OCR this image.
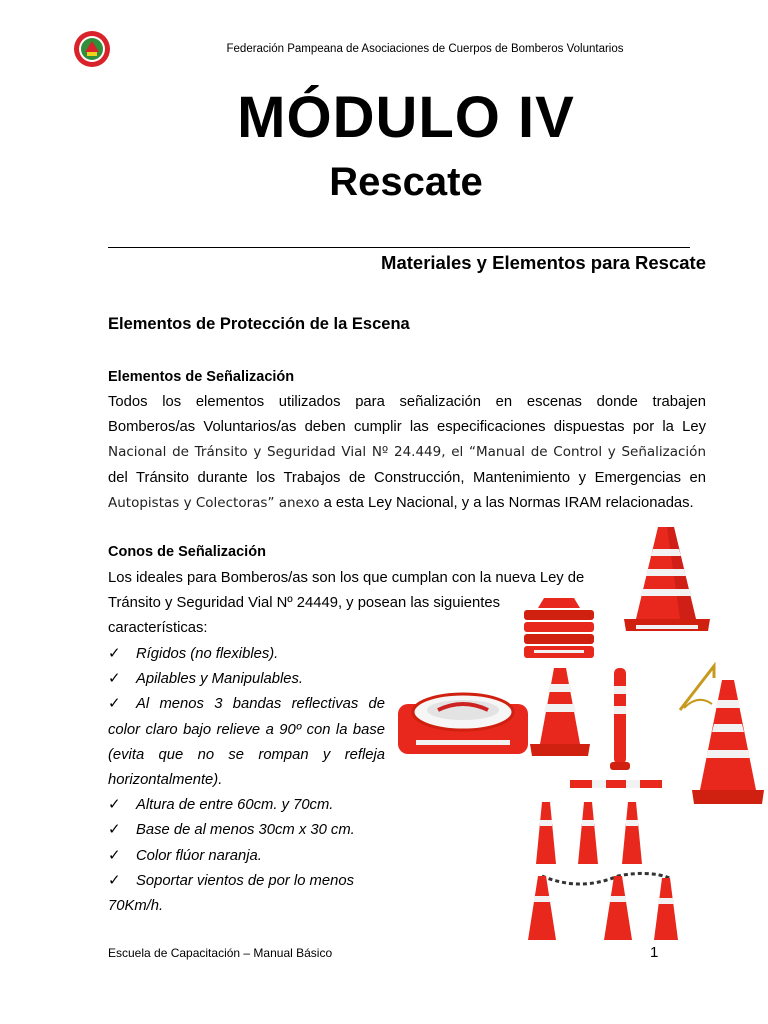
Federación Pampeana de Asociaciones de Cuerpos de Bomberos Voluntarios
MÓDULO IV
Rescate
Materiales y Elementos para Rescate
Elementos de Protección de la Escena
Elementos de Señalización
Todos los elementos utilizados para señalización en escenas donde trabajen
Bomberos/as Voluntarios/as deben cumplir las especificaciones dispuestas por la Ley
Nacional de Tránsito y Seguridad Vial Nº 24.449, el “Manual de Control y Señalización
del Tránsito durante los Trabajos de Construcción, Mantenimiento y Emergencias en
Autopistas y Colectoras” anexo a esta Ley Nacional, y a las Normas IRAM relacionadas.
Conos de Señalización
Los ideales para Bomberos/as son los que cumplan con la nueva Ley de
Tránsito y Seguridad Vial Nº 24449, y posean las siguientes
características:
✓ Rígidos (no flexibles).
✓ Apilables y Manipulables.
✓ Al menos 3 bandas reflectivas de
color claro bajo relieve a 90º con la base
(evita que no se rompan y refleja
horizontalmente).
✓ Altura de entre 60cm. y 70cm.
✓ Base de al menos 30cm x 30 cm.
✓ Color flúor naranja.
✓ Soportar vientos de por lo menos 70Km/h.
Escuela de Capacitación – Manual Básico	1
